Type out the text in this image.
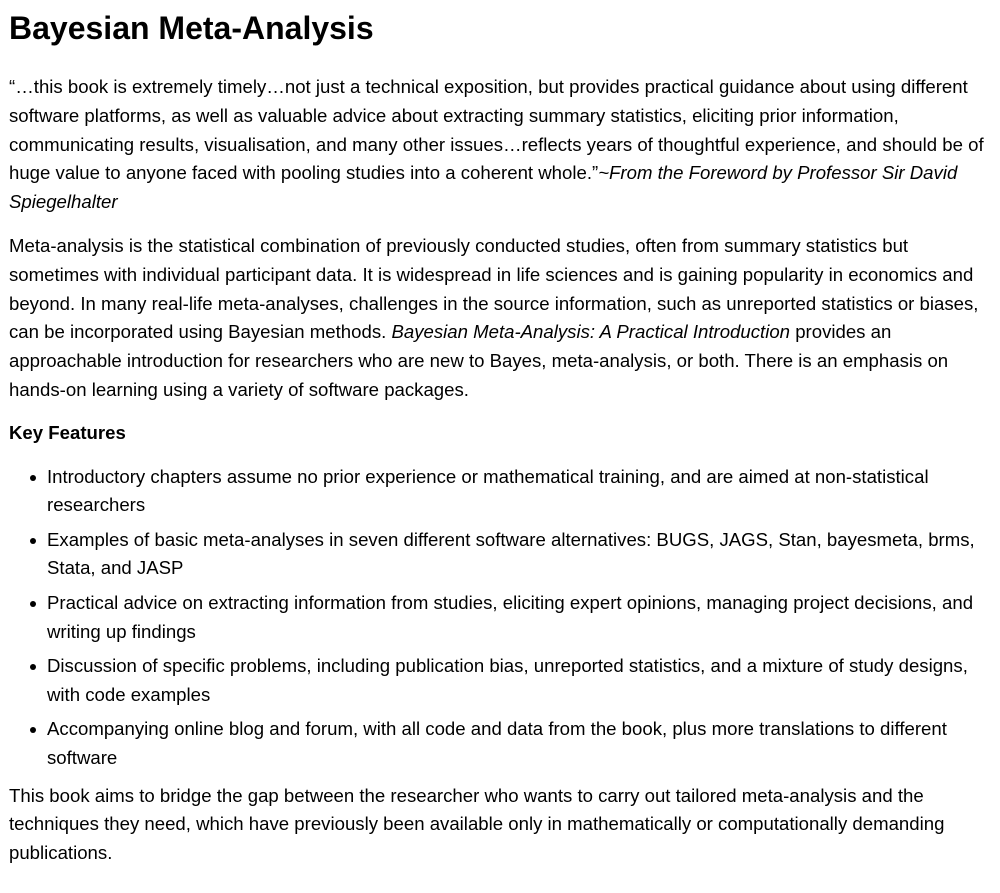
Bayesian Meta-Analysis

“…this book is extremely timely…not just a technical exposition, but provides practical guidance about using different software platforms, as well as valuable advice about extracting summary statistics, eliciting prior information, communicating results, visualisation, and many other issues…reflects years of thoughtful experience, and should be of huge value to anyone faced with pooling studies into a coherent whole.”~From the Foreword by Professor Sir David Spiegelhalter

Meta-analysis is the statistical combination of previously conducted studies, often from summary statistics but sometimes with individual participant data. It is widespread in life sciences and is gaining popularity in economics and beyond. In many real-life meta-analyses, challenges in the source information, such as unreported statistics or biases, can be incorporated using Bayesian methods. Bayesian Meta-Analysis: A Practical Introduction provides an approachable introduction for researchers who are new to Bayes, meta-analysis, or both. There is an emphasis on hands-on learning using a variety of software packages.

Key Features

Introductory chapters assume no prior experience or mathematical training, and are aimed at non-statistical researchers
Examples of basic meta-analyses in seven different software alternatives: BUGS, JAGS, Stan, bayesmeta, brms, Stata, and JASP
Practical advice on extracting information from studies, eliciting expert opinions, managing project decisions, and writing up findings
Discussion of specific problems, including publication bias, unreported statistics, and a mixture of study designs, with code examples
Accompanying online blog and forum, with all code and data from the book, plus more translations to different software

This book aims to bridge the gap between the researcher who wants to carry out tailored meta-analysis and the techniques they need, which have previously been available only in mathematically or computationally demanding publications.
